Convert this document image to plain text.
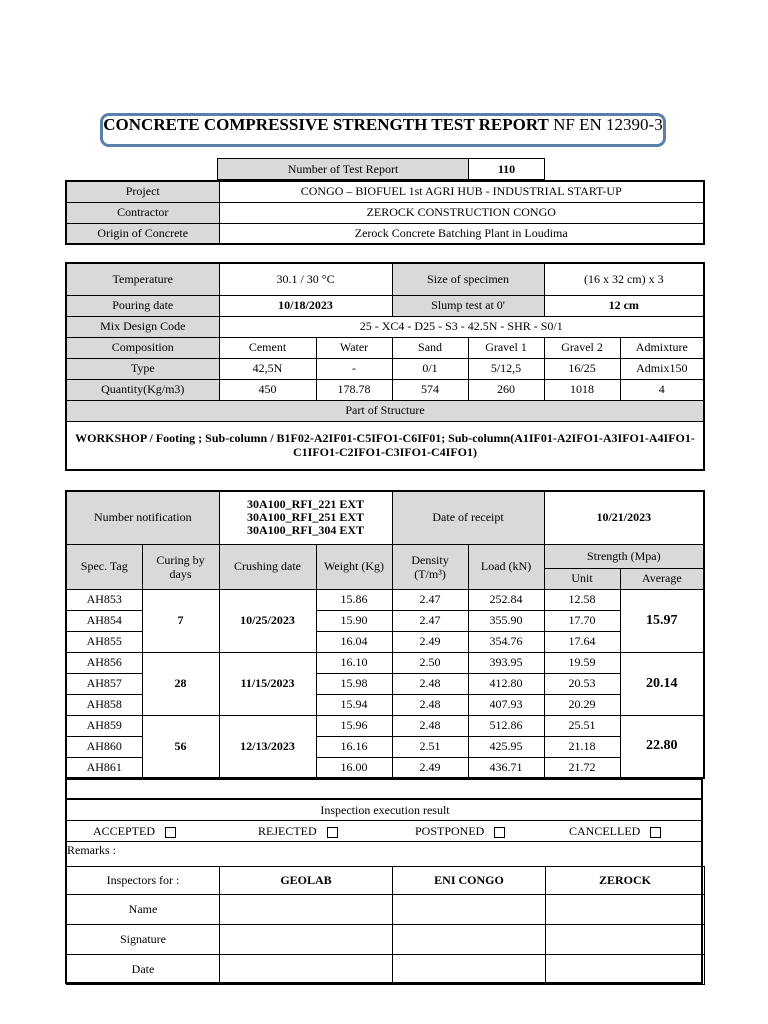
CONCRETE COMPRESSIVE STRENGTH TEST REPORT NF EN 12390-3
Number of Test Report	110
Project	CONGO – BIOFUEL 1st AGRI HUB - INDUSTRIAL START-UP
Contractor	ZEROCK CONSTRUCTION CONGO
Origin of Concrete	Zerock Concrete Batching Plant in Loudima
Temperature	30.1 / 30 °C		Size of specimen		(16 x 32 cm) x 3	
Pouring date	10/18/2023		Slump test at 0'		12 cm	
Mix Design Code	25 - XC4 - D25 - S3 - 42.5N - SHR - S0/1					
Composition	Cement	Water	Sand	Gravel 1	Gravel 2	Admixture
Type	42,5N	-	0/1	5/12,5	16/25	Admix150
Quantity(Kg/m3)	450	178.78	574	260	1018	4
Part of Structure						
WORKSHOP / Footing ; Sub-column / B1F02-A2IF01-C5IFO1-C6IF01; Sub-column(A1IF01-A2IFO1-A3IFO1-A4IFO1-C1IFO1-C2IFO1-C3IFO1-C4IFO1)						
Number notification		30A100_RFI_221 EXT
30A100_RFI_251 EXT
30A100_RFI_304 EXT		Date of receipt		10/21/2023	
Spec. Tag	Curing by days	Crushing date	Weight (Kg)	Density (T/m³)	Load (kN)	Strength (Mpa)	
						Unit	Average
AH853	7	10/25/2023	15.86	2.47	252.84	12.58	15.97
AH854			15.90	2.47	355.90	17.70	
AH855			16.04	2.49	354.76	17.64	
AH856	28	11/15/2023	16.10	2.50	393.95	19.59	20.14
AH857			15.98	2.48	412.80	20.53	
AH858			15.94	2.48	407.93	20.29	
AH859	56	12/13/2023	15.96	2.48	512.86	25.51	22.80
AH860			16.16	2.51	425.95	21.18	
AH861			16.00	2.49	436.71	21.72	
Inspection execution result
ACCEPTED	REJECTED	POSTPONED	CANCELLED
Remarks :
Inspectors for :	GEOLAB	ENI CONGO	ZEROCK
Name			
Signature			
Date			
